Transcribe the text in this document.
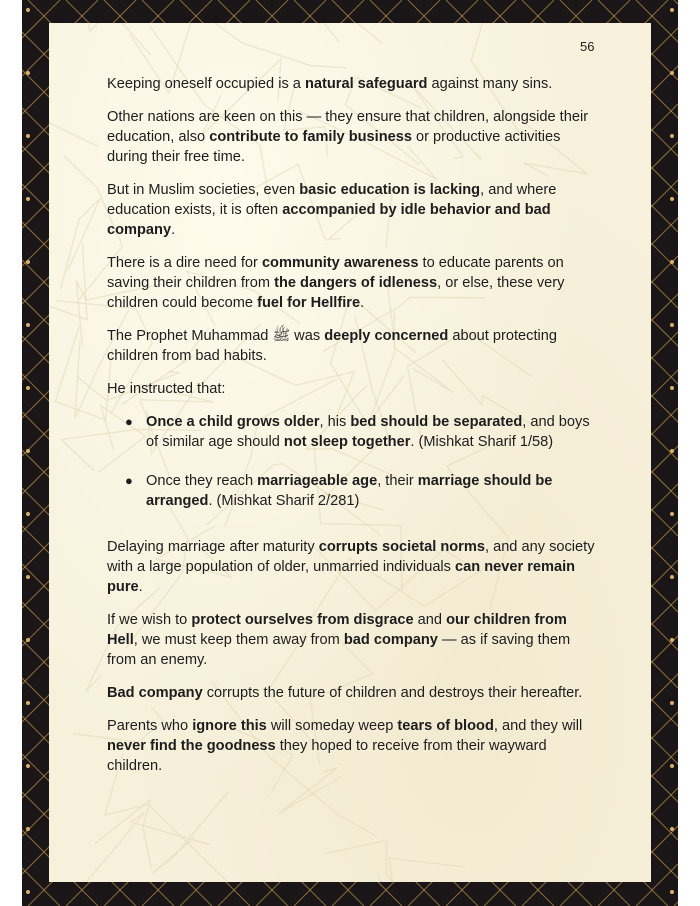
56

Keeping oneself occupied is a natural safeguard against many sins.

Other nations are keen on this — they ensure that children, alongside their education, also contribute to family business or productive activities during their free time.

But in Muslim societies, even basic education is lacking, and where education exists, it is often accompanied by idle behavior and bad company.

There is a dire need for community awareness to educate parents on saving their children from the dangers of idleness, or else, these very children could become fuel for Hellfire.

The Prophet Muhammad ﷺ was deeply concerned about protecting children from bad habits.

He instructed that:

● Once a child grows older, his bed should be separated, and boys of similar age should not sleep together. (Mishkat Sharif 1/58)
● Once they reach marriageable age, their marriage should be arranged. (Mishkat Sharif 2/281)

Delaying marriage after maturity corrupts societal norms, and any society with a large population of older, unmarried individuals can never remain pure.

If we wish to protect ourselves from disgrace and our children from Hell, we must keep them away from bad company — as if saving them from an enemy.

Bad company corrupts the future of children and destroys their hereafter.

Parents who ignore this will someday weep tears of blood, and they will never find the goodness they hoped to receive from their wayward children.
